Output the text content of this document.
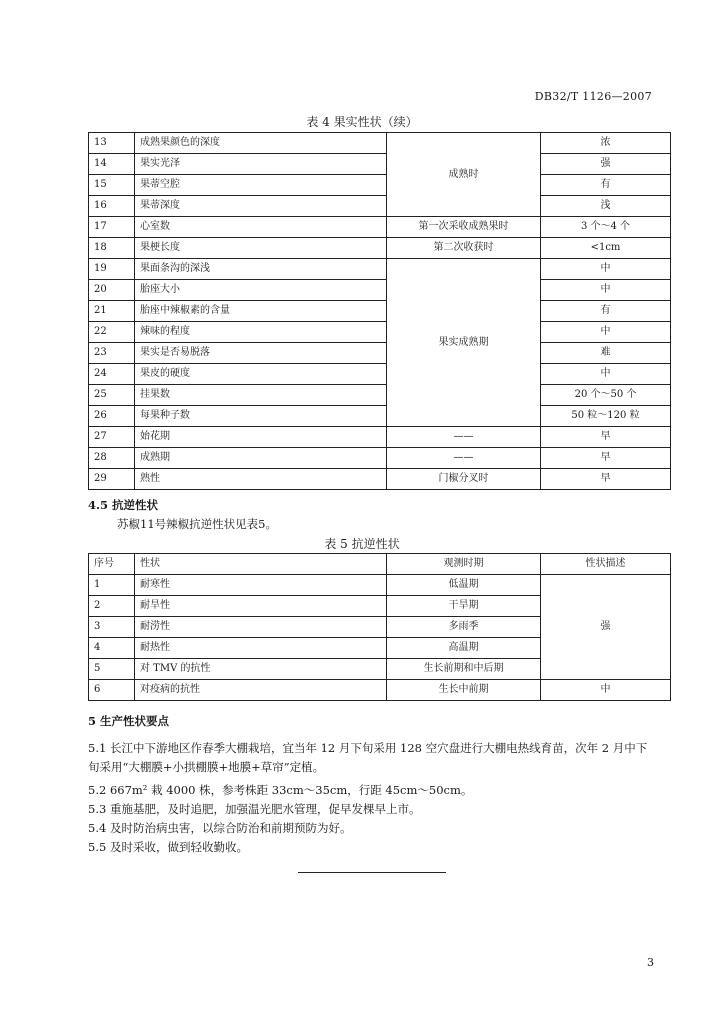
DB32/T 1126—2007
表 4 果实性状（续）
13	成熟果颜色的深度	成熟时	浓
14	果实光泽		强
15	果蒂空腔		有
16	果蒂深度		浅
17	心室数	第一次采收成熟果时	3 个～4 个
18	果梗长度	第二次收获时	<1cm
19	果面条沟的深浅	果实成熟期	中
20	胎座大小		中
21	胎座中辣椒素的含量		有
22	辣味的程度		中
23	果实是否易脱落		难
24	果皮的硬度		中
25	挂果数		20 个～50 个
26	每果种子数		50 粒～120 粒
27	始花期	——	早
28	成熟期	——	早
29	熟性	门椒分叉时	早
4.5 抗逆性状
苏椒11号辣椒抗逆性状见表5。
表 5 抗逆性状
序号	性状	观测时期	性状描述
1	耐寒性	低温期	强
2	耐旱性	干旱期	
3	耐涝性	多雨季	
4	耐热性	高温期	
5	对 TMV 的抗性	生长前期和中后期	
6	对疫病的抗性	生长中前期	中
5 生产性状要点
5.1 长江中下游地区作春季大棚栽培，宜当年 12 月下旬采用 128 空穴盘进行大棚电热线育苗，次年 2 月中下旬采用“大棚膜+小拱棚膜+地膜+草帘”定植。
5.2 667m² 栽 4000 株，参考株距 33cm～35cm，行距 45cm～50cm。
5.3 重施基肥，及时追肥，加强温光肥水管理，促早发棵早上市。
5.4 及时防治病虫害，以综合防治和前期预防为好。
5.5 及时采收，做到轻收勤收。
3
